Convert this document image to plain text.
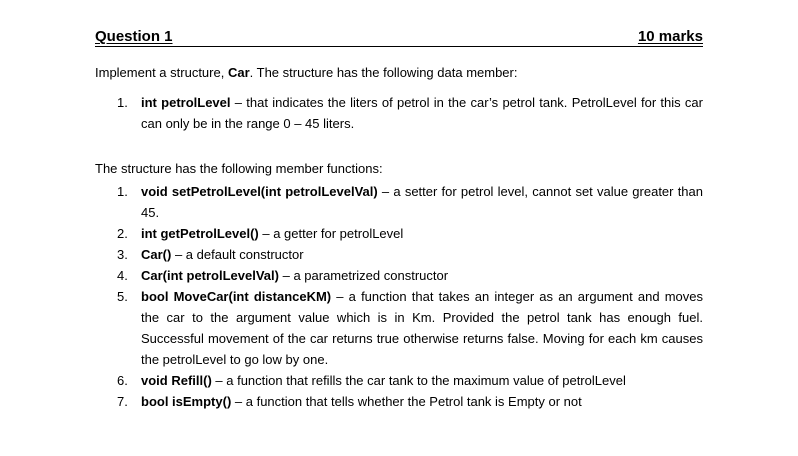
Question 1	10 marks
Implement a structure, Car. The structure has the following data member:
1. int petrolLevel – that indicates the liters of petrol in the car’s petrol tank. PetrolLevel for this car can only be in the range 0 – 45 liters.
The structure has the following member functions:
1. void setPetrolLevel(int petrolLevelVal) – a setter for petrol level, cannot set value greater than 45.
2. int getPetrolLevel() – a getter for petrolLevel
3. Car() – a default constructor
4. Car(int petrolLevelVal) – a parametrized constructor
5. bool MoveCar(int distanceKM) – a function that takes an integer as an argument and moves the car to the argument value which is in Km. Provided the petrol tank has enough fuel. Successful movement of the car returns true otherwise returns false. Moving for each km causes the petrolLevel to go low by one.
6. void Refill() – a function that refills the car tank to the maximum value of petrolLevel
7. bool isEmpty() – a function that tells whether the Petrol tank is Empty or not
